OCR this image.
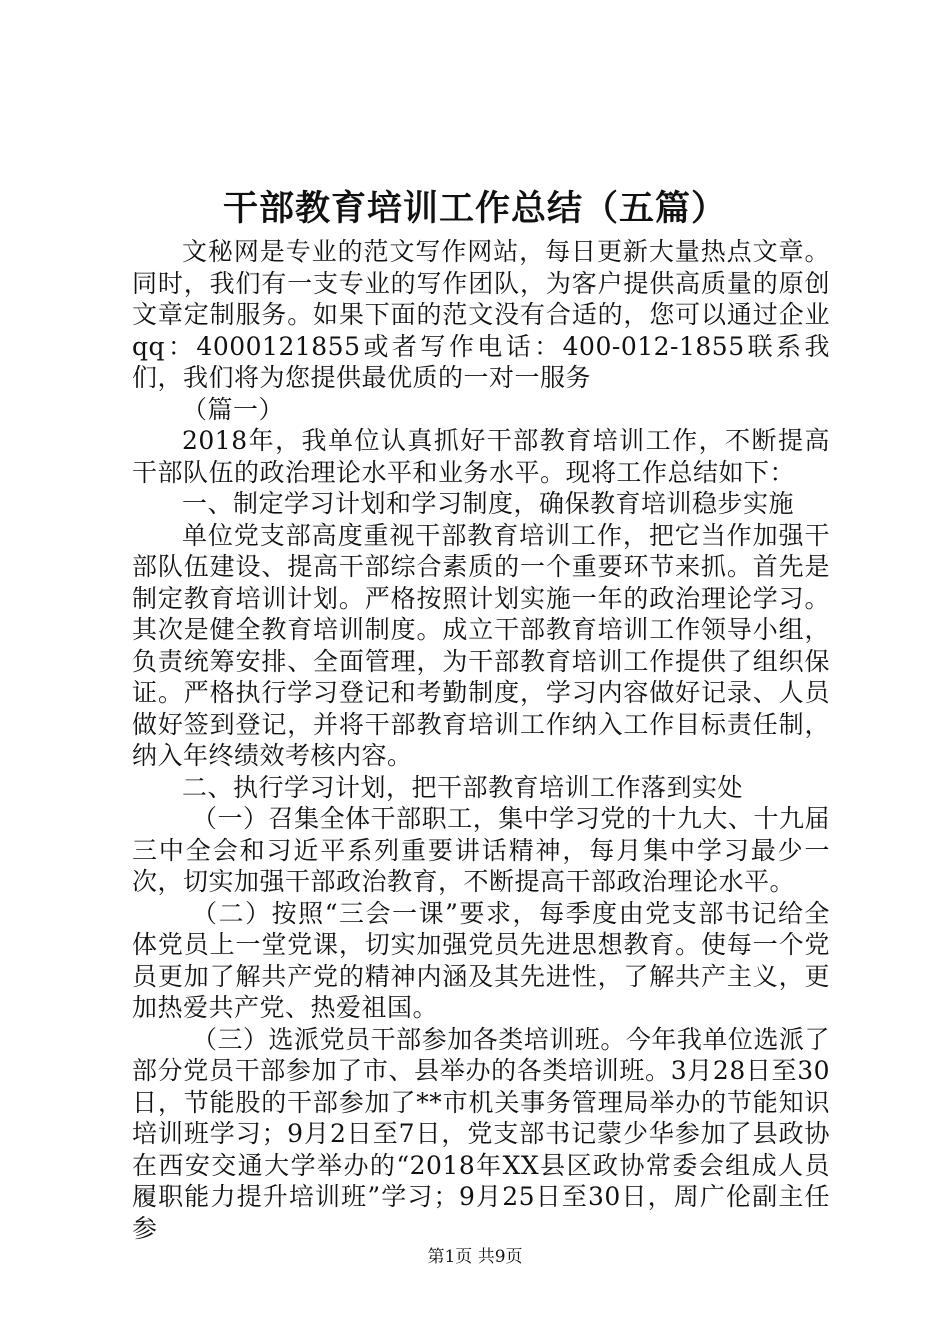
干部教育培训工作总结（五篇）

文秘网是专业的范文写作网站，每日更新大量热点文章。同时，我们有一支专业的写作团队，为客户提供高质量的原创文章定制服务。如果下面的范文没有合适的，您可以通过企业qq：4000121855或者写作电话：400-012-1855联系我们，我们将为您提供最优质的一对一服务

（篇一）

2018年，我单位认真抓好干部教育培训工作，不断提高干部队伍的政治理论水平和业务水平。现将工作总结如下：

一、制定学习计划和学习制度，确保教育培训稳步实施

单位党支部高度重视干部教育培训工作，把它当作加强干部队伍建设、提高干部综合素质的一个重要环节来抓。首先是制定教育培训计划。严格按照计划实施一年的政治理论学习。其次是健全教育培训制度。成立干部教育培训工作领导小组，负责统筹安排、全面管理，为干部教育培训工作提供了组织保证。严格执行学习登记和考勤制度，学习内容做好记录、人员做好签到登记，并将干部教育培训工作纳入工作目标责任制，纳入年终绩效考核内容。

二、执行学习计划，把干部教育培训工作落到实处

（一）召集全体干部职工，集中学习党的十九大、十九届三中全会和习近平系列重要讲话精神，每月集中学习最少一次，切实加强干部政治教育，不断提高干部政治理论水平。

（二）按照“三会一课”要求，每季度由党支部书记给全体党员上一堂党课，切实加强党员先进思想教育。使每一个党员更加了解共产党的精神内涵及其先进性，了解共产主义，更加热爱共产党、热爱祖国。

（三）选派党员干部参加各类培训班。今年我单位选派了部分党员干部参加了市、县举办的各类培训班。3月28日至30日，节能股的干部参加了**市机关事务管理局举办的节能知识培训班学习；9月2日至7日，党支部书记蒙少华参加了县政协在西安交通大学举办的“2018年XX县区政协常委会组成人员履职能力提升培训班”学习；9月25日至30日，周广伦副主任参

第1页 共9页
